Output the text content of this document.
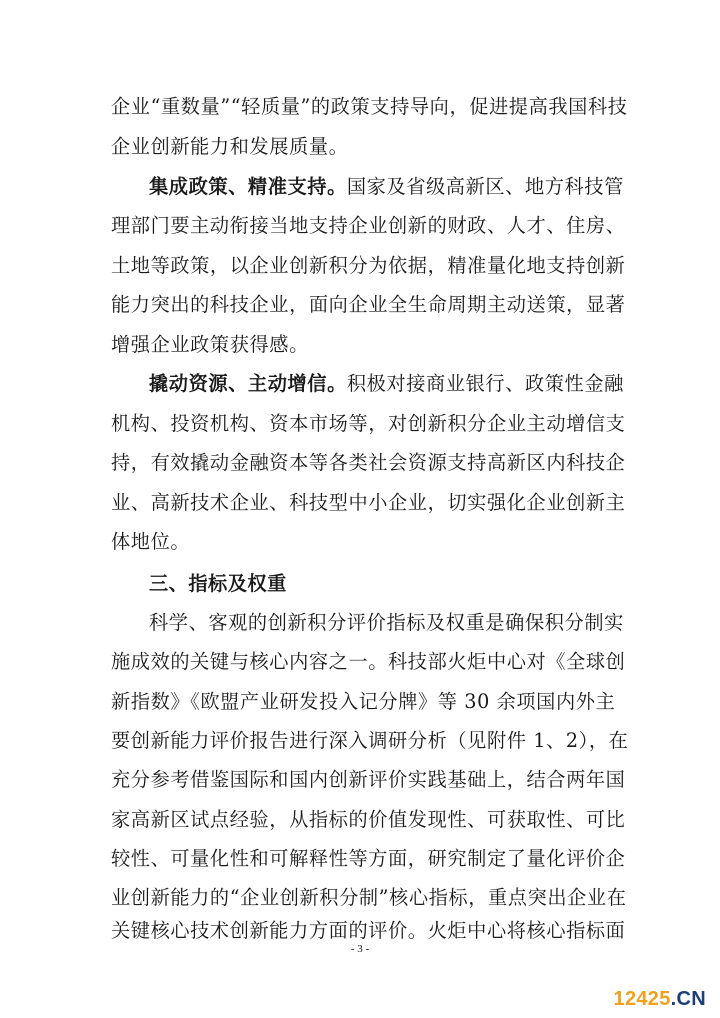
企业“重数量”“轻质量”的政策支持导向，促进提高我国科技
企业创新能力和发展质量。
集成政策、精准支持。国家及省级高新区、地方科技管
理部门要主动衔接当地支持企业创新的财政、人才、住房、
土地等政策，以企业创新积分为依据，精准量化地支持创新
能力突出的科技企业，面向企业全生命周期主动送策，显著
增强企业政策获得感。
撬动资源、主动增信。积极对接商业银行、政策性金融
机构、投资机构、资本市场等，对创新积分企业主动增信支
持，有效撬动金融资本等各类社会资源支持高新区内科技企
业、高新技术企业、科技型中小企业，切实强化企业创新主
体地位。
三、指标及权重
科学、客观的创新积分评价指标及权重是确保积分制实
施成效的关键与核心内容之一。科技部火炬中心对《全球创
新指数》《欧盟产业研发投入记分牌》等 30 余项国内外主
要创新能力评价报告进行深入调研分析（见附件 1、2），在
充分参考借鉴国际和国内创新评价实践基础上，结合两年国
家高新区试点经验，从指标的价值发现性、可获取性、可比
较性、可量化性和可解释性等方面，研究制定了量化评价企
业创新能力的“企业创新积分制”核心指标，重点突出企业在
关键核心技术创新能力方面的评价。火炬中心将核心指标面
- 3 -
12425.CN
